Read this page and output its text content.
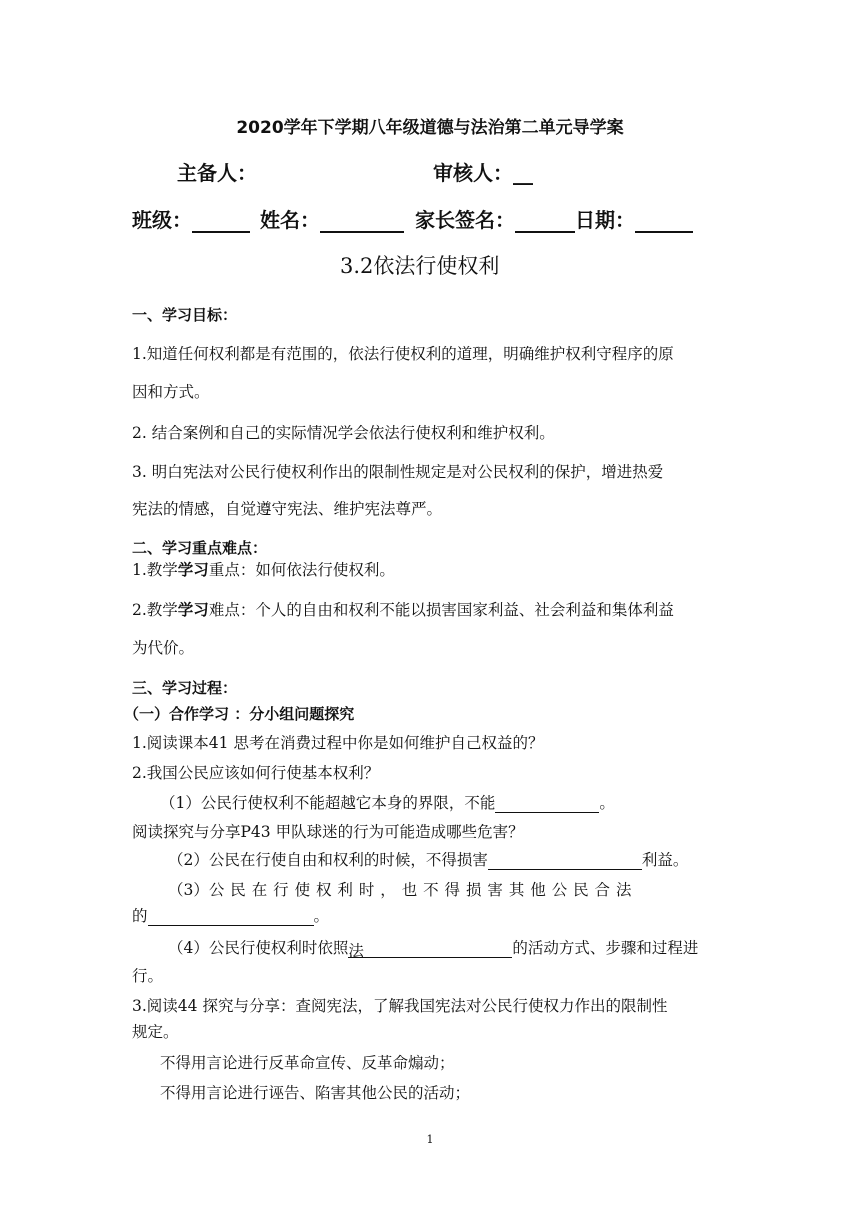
2020学年下学期八年级道德与法治第二单元导学案
主备人：	审核人：__
班级：	姓名：	家长签名：	日期：
3.2依法行使权利
一、学习目标：
1.知道任何权利都是有范围的，依法行使权利的道理，明确维护权利守程序的原
因和方式。
2. 结合案例和自己的实际情况学会依法行使权利和维护权利。
3. 明白宪法对公民行使权利作出的限制性规定是对公民权利的保护，增进热爱
宪法的情感，自觉遵守宪法、维护宪法尊严。
二、学习重点难点：
1.教学学习重点：如何依法行使权利。
2.教学学习难点：个人的自由和权利不能以损害国家利益、社会利益和集体利益
为代价。
三、学习过程：
（一）合作学习 ：分小组问题探究
1.阅读课本41 思考在消费过程中你是如何维护自己权益的？
2.我国公民应该如何行使基本权利？
（1）公民行使权利不能超越它本身的界限，不能	。
阅读探究与分享P43 甲队球迷的行为可能造成哪些危害？
（2）公民在行使自由和权利的时候，不得损害	利益。
（3）公 民 在 行 使 权 利 时 ， 也 不 得 损 害 其 他 公 民 合 法
的	。
（4）公民行使权利时依照法	的活动方式、步骤和过程进
行。
3.阅读44 探究与分享：查阅宪法，了解我国宪法对公民行使权力作出的限制性
规定。
不得用言论进行反革命宣传、反革命煽动；
不得用言论进行诬告、陷害其他公民的活动；
1
